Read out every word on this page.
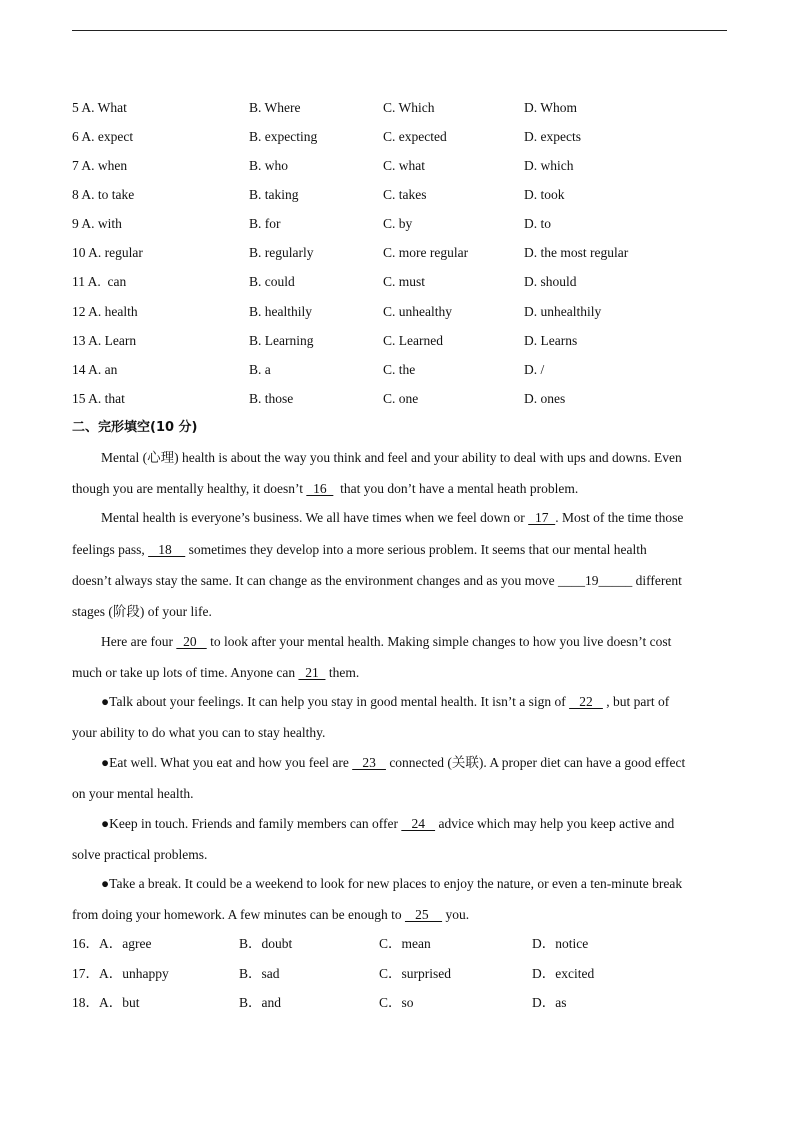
5 A. What	B. Where	C. Which	D. Whom
6 A. expect	B. expecting	C. expected	D. expects
7 A. when	B. who	C. what	D. which
8 A. to take	B. taking	C. takes	D. took
9 A. with	B. for	C. by	D. to
10 A. regular	B. regularly	C. more regular	D. the most regular
11 A.  can	B. could	C. must	D. should
12 A. health	B. healthily	C. unhealthy	D. unhealthily
13 A. Learn	B. Learning	C. Learned	D. Learns
14 A. an	B. a	C. the	D. /
15 A. that	B. those	C. one	D. ones
二、完形填空(10 分)
Mental (心理) health is about the way you think and feel and your ability to deal with ups and downs. Even
though you are mentally healthy, it doesn’t   16    that you don’t have a mental heath problem.
Mental health is everyone’s business. We all have times when we feel down or   17  . Most of the time those
feelings pass,    18     sometimes they develop into a more serious problem. It seems that our mental health
doesn’t always stay the same. It can change as the environment changes and as you move ____19_____ different
stages (阶段) of your life.
Here are four   20    to look after your mental health. Making simple changes to how you live doesn’t cost
much or take up lots of time. Anyone can   21   them.
●Talk about your feelings. It can help you stay in good mental health. It isn’t a sign of    22    , but part of
your ability to do what you can to stay healthy.
●Eat well. What you eat and how you feel are    23    connected (关联). A proper diet can have a good effect
on your mental health.
●Keep in touch. Friends and family members can offer    24    advice which may help you keep active and
solve practical problems.
●Take a break. It could be a weekend to look for new places to enjoy the nature, or even a ten-minute break
from doing your homework. A few minutes can be enough to    25     you.
16．A．agree	B．doubt	C．mean	D．notice
17．A．unhappy	B．sad	C．surprised	D．excited
18．A．but	B．and	C．so	D．as
